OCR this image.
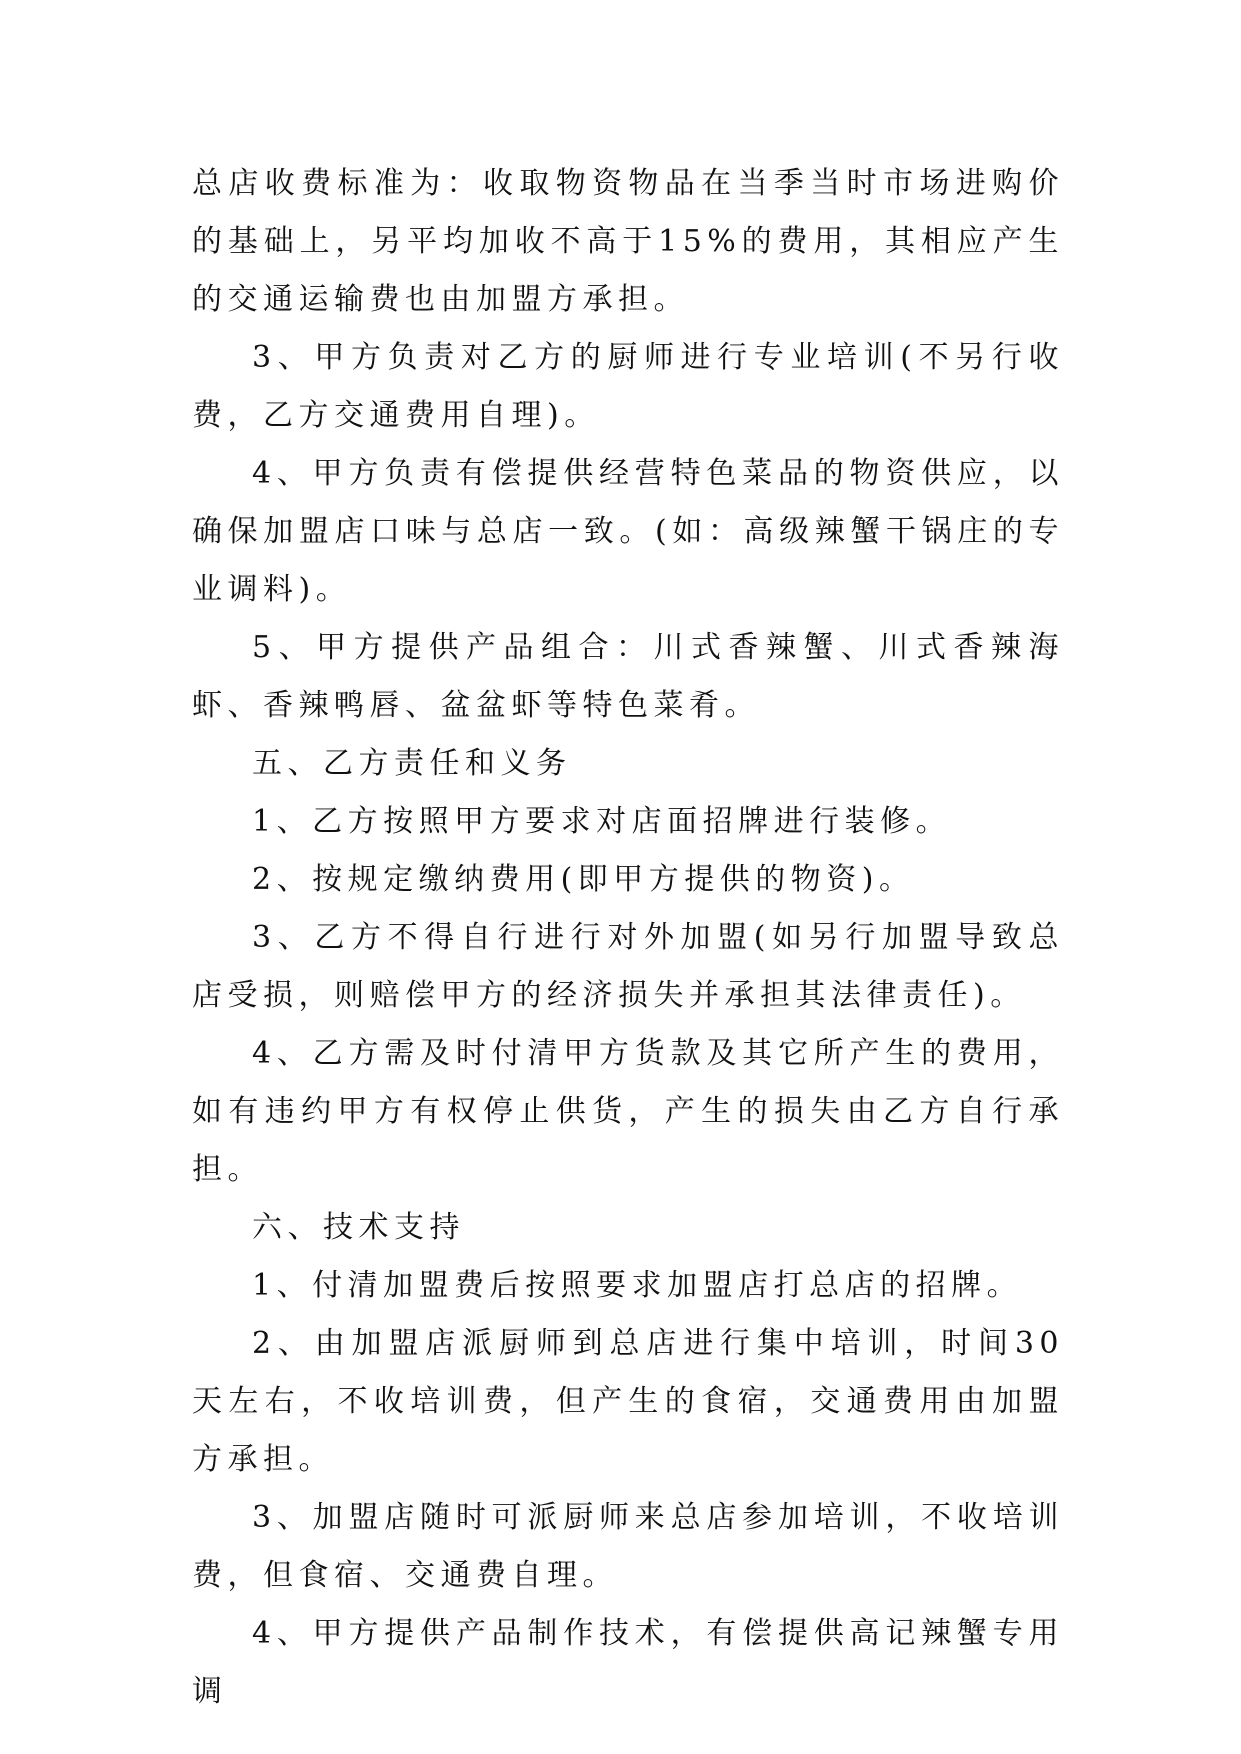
总店收费标准为：收取物资物品在当季当时市场进购价的基础上，另平均加收不高于15%的费用，其相应产生的交通运输费也由加盟方承担。

3、甲方负责对乙方的厨师进行专业培训(不另行收费，乙方交通费用自理)。

4、甲方负责有偿提供经营特色菜品的物资供应，以确保加盟店口味与总店一致。(如：高级辣蟹干锅庄的专业调料)。

5、甲方提供产品组合：川式香辣蟹、川式香辣海虾、香辣鸭唇、盆盆虾等特色菜肴。

五、乙方责任和义务

1、乙方按照甲方要求对店面招牌进行装修。

2、按规定缴纳费用(即甲方提供的物资)。

3、乙方不得自行进行对外加盟(如另行加盟导致总店受损，则赔偿甲方的经济损失并承担其法律责任)。

4、乙方需及时付清甲方货款及其它所产生的费用，如有违约甲方有权停止供货，产生的损失由乙方自行承担。

六、技术支持

1、付清加盟费后按照要求加盟店打总店的招牌。

2、由加盟店派厨师到总店进行集中培训，时间30天左右，不收培训费，但产生的食宿，交通费用由加盟方承担。

3、加盟店随时可派厨师来总店参加培训，不收培训费，但食宿、交通费自理。

4、甲方提供产品制作技术，有偿提供高记辣蟹专用调
